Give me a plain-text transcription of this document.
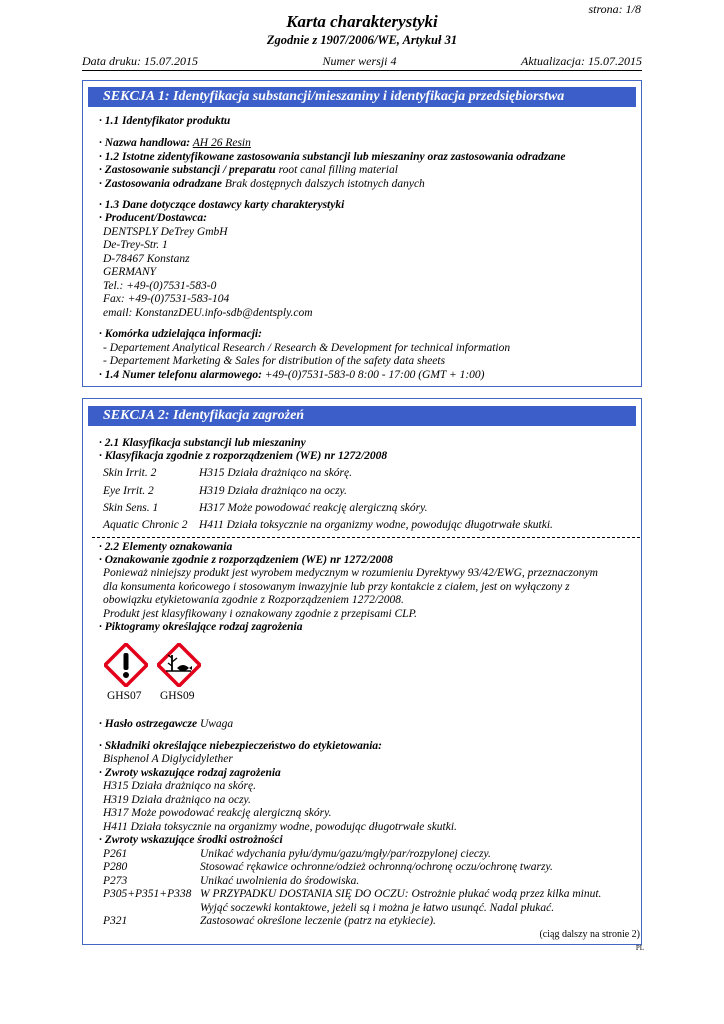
strona: 1/8
Karta charakterystyki
Zgodnie z 1907/2006/WE, Artykuł 31
Data druku: 15.07.2015	Numer wersji 4	Aktualizacja: 15.07.2015
SEKCJA 1: Identyfikacja substancji/mieszaniny i identyfikacja przedsiębiorstwa
· 1.1 Identyfikator produktu
· Nazwa handlowa: AH 26 Resin
· 1.2 Istotne zidentyfikowane zastosowania substancji lub mieszaniny oraz zastosowania odradzane
· Zastosowanie substancji / preparatu root canal filling material
· Zastosowania odradzane Brak dostępnych dalszych istotnych danych
· 1.3 Dane dotyczące dostawcy karty charakterystyki
· Producent/Dostawca:
DENTSPLY DeTrey GmbH
De-Trey-Str. 1
D-78467 Konstanz
GERMANY
Tel.: +49-(0)7531-583-0
Fax: +49-(0)7531-583-104
email: KonstanzDEU.info-sdb@dentsply.com
· Komórka udzielająca informacji:
- Departement Analytical Research / Research & Development for technical information
- Departement Marketing & Sales for distribution of the safety data sheets
· 1.4 Numer telefonu alarmowego: +49-(0)7531-583-0 8:00 - 17:00 (GMT + 1:00)
SEKCJA 2: Identyfikacja zagrożeń
· 2.1 Klasyfikacja substancji lub mieszaniny
· Klasyfikacja zgodnie z rozporządzeniem (WE) nr 1272/2008
Skin Irrit. 2	H315 Działa drażniąco na skórę.
Eye Irrit. 2	H319 Działa drażniąco na oczy.
Skin Sens. 1	H317 Może powodować reakcję alergiczną skóry.
Aquatic Chronic 2 H411 Działa toksycznie na organizmy wodne, powodując długotrwałe skutki.
· 2.2 Elementy oznakowania
· Oznakowanie zgodnie z rozporządzeniem (WE) nr 1272/2008
Ponieważ niniejszy produkt jest wyrobem medycznym w rozumieniu Dyrektywy 93/42/EWG, przeznaczonym
dla konsumenta końcowego i stosowanym inwazyjnie lub przy kontakcie z ciałem, jest on wyłączony z
obowiązku etykietowania zgodnie z Rozporządzeniem 1272/2008.
Produkt jest klasyfikowany i oznakowany zgodnie z przepisami CLP.
· Piktogramy określające rodzaj zagrożenia
GHS07 GHS09
· Hasło ostrzegawcze Uwaga
· Składniki określające niebezpieczeństwo do etykietowania:
Bisphenol A Diglycidylether
· Zwroty wskazujące rodzaj zagrożenia
H315 Działa drażniąco na skórę.
H319 Działa drażniąco na oczy.
H317 Może powodować reakcję alergiczną skóry.
H411 Działa toksycznie na organizmy wodne, powodując długotrwałe skutki.
· Zwroty wskazujące środki ostrożności
P261	Unikać wdychania pyłu/dymu/gazu/mgły/par/rozpylonej cieczy.
P280	Stosować rękawice ochronne/odzież ochronną/ochronę oczu/ochronę twarzy.
P273	Unikać uwolnienia do środowiska.
P305+P351+P338 W PRZYPADKU DOSTANIA SIĘ DO OCZU: Ostrożnie płukać wodą przez kilka minut.
Wyjąć soczewki kontaktowe, jeżeli są i można je łatwo usunąć. Nadal płukać.
P321	Zastosować określone leczenie (patrz na etykiecie).
(ciąg dalszy na stronie 2)
PL
